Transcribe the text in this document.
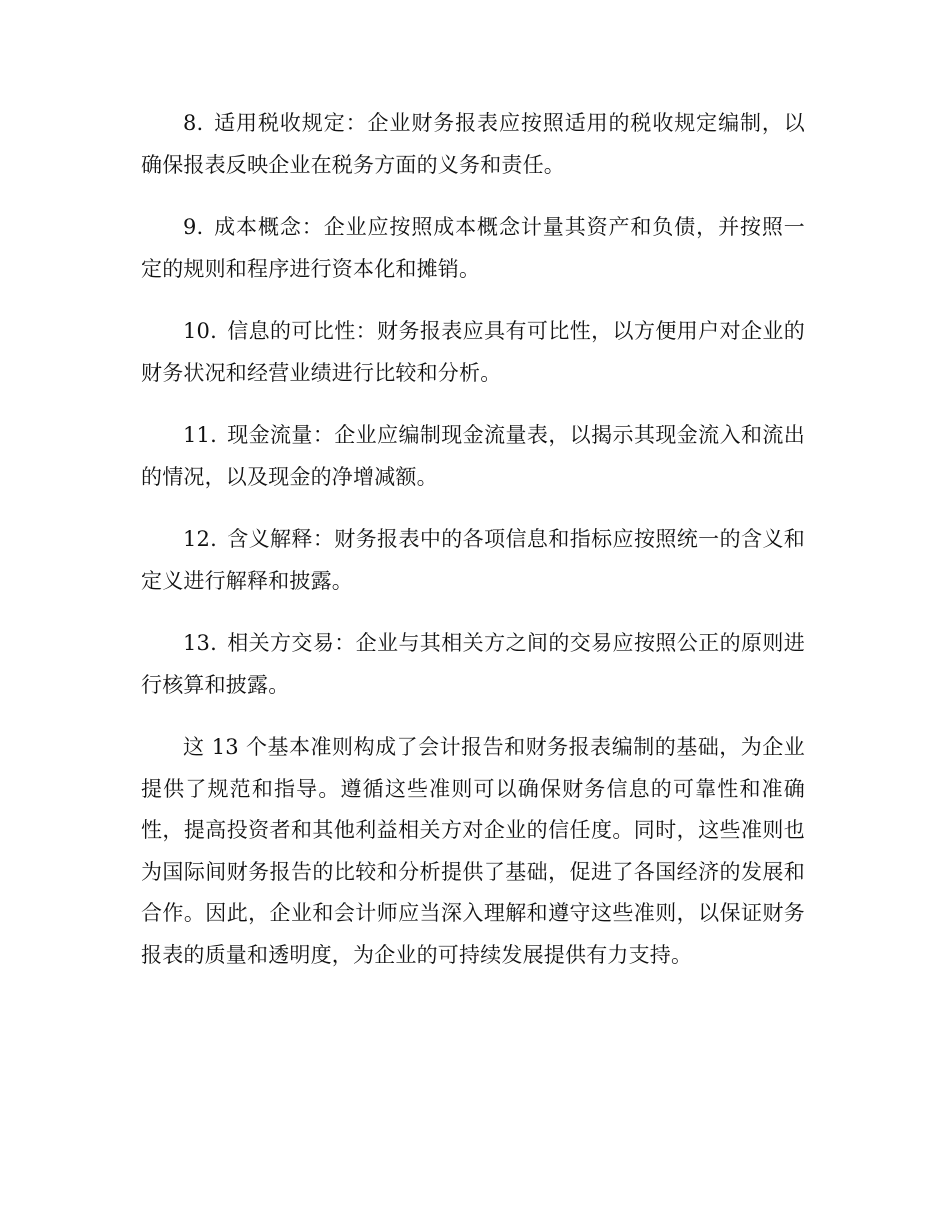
8. 适用税收规定：企业财务报表应按照适用的税收规定编制，以确保报表反映企业在税务方面的义务和责任。

9. 成本概念：企业应按照成本概念计量其资产和负债，并按照一定的规则和程序进行资本化和摊销。

10. 信息的可比性：财务报表应具有可比性，以方便用户对企业的财务状况和经营业绩进行比较和分析。

11. 现金流量：企业应编制现金流量表，以揭示其现金流入和流出的情况，以及现金的净增减额。

12. 含义解释：财务报表中的各项信息和指标应按照统一的含义和定义进行解释和披露。

13. 相关方交易：企业与其相关方之间的交易应按照公正的原则进行核算和披露。

这 13 个基本准则构成了会计报告和财务报表编制的基础，为企业提供了规范和指导。遵循这些准则可以确保财务信息的可靠性和准确性，提高投资者和其他利益相关方对企业的信任度。同时，这些准则也为国际间财务报告的比较和分析提供了基础，促进了各国经济的发展和合作。因此，企业和会计师应当深入理解和遵守这些准则，以保证财务报表的质量和透明度，为企业的可持续发展提供有力支持。
